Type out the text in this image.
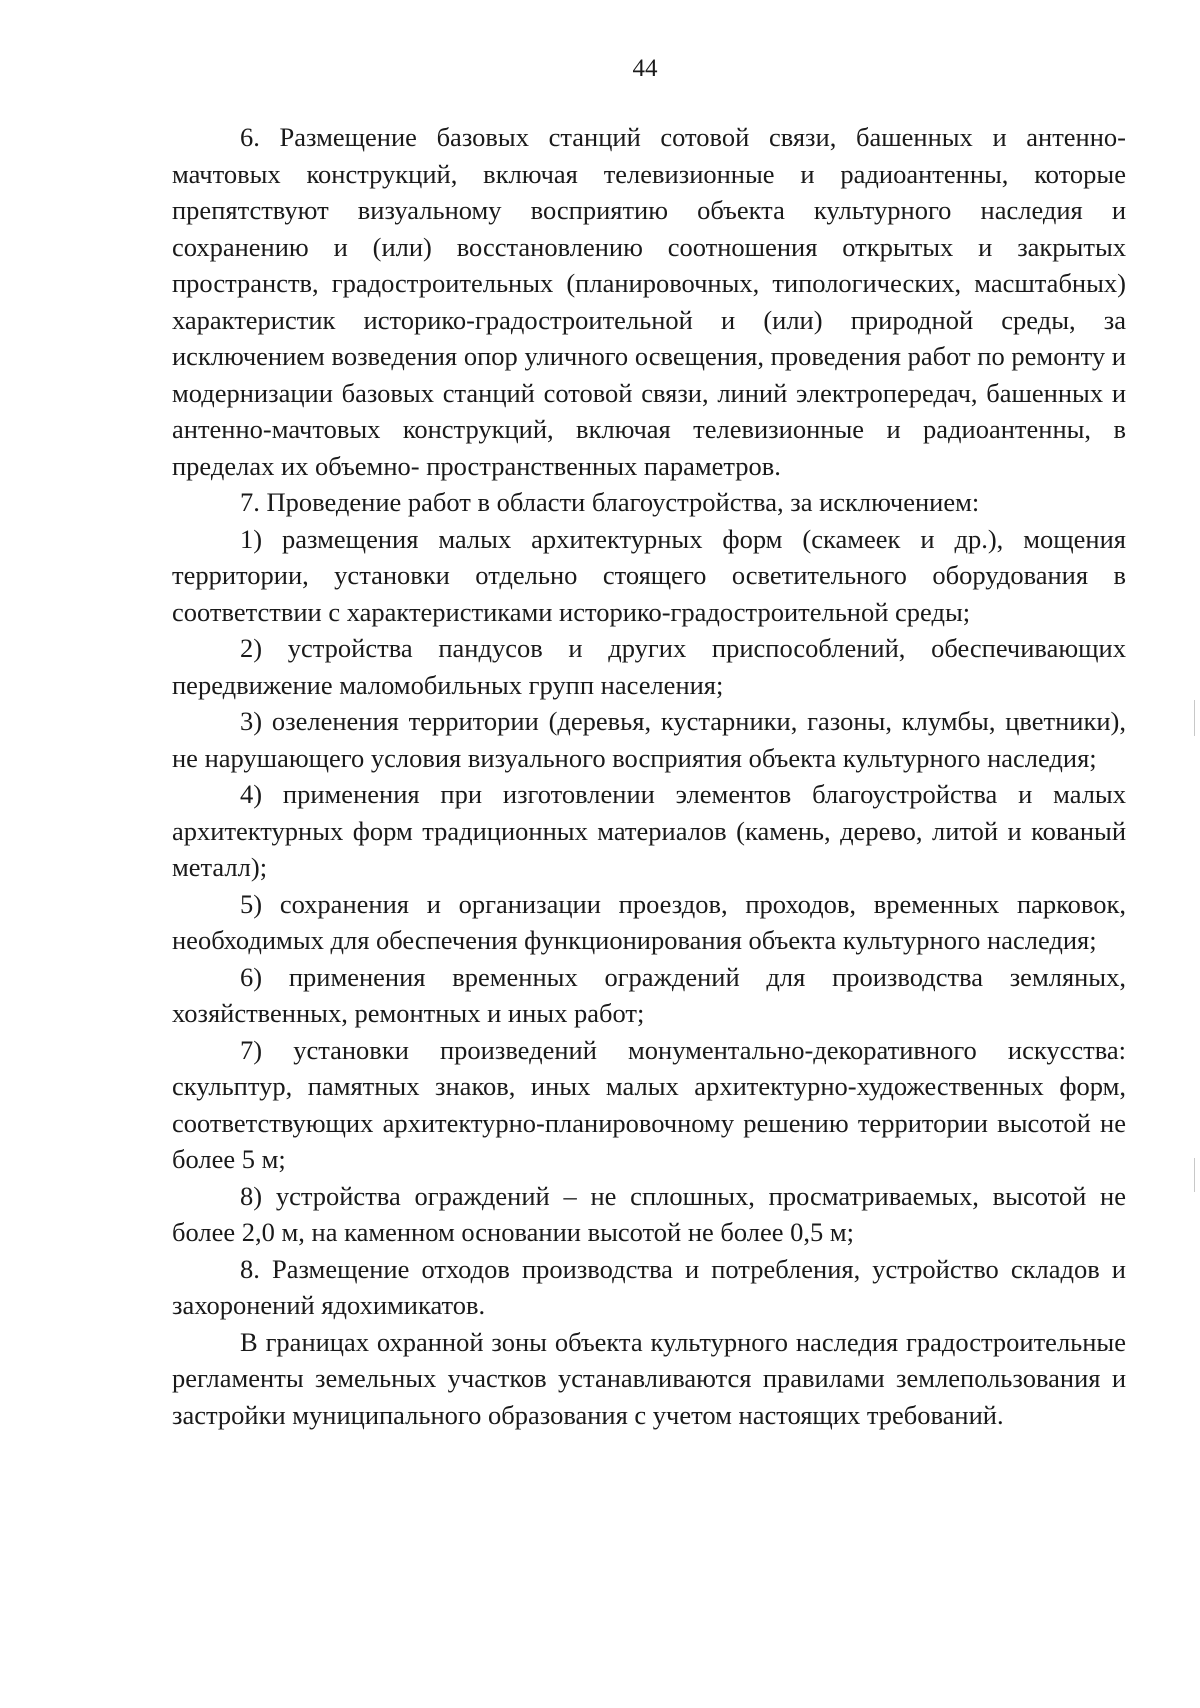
44

6. Размещение базовых станций сотовой связи, башенных и антенно-мачтовых конструкций, включая телевизионные и радиоантенны, которые препятствуют визуальному восприятию объекта культурного наследия и сохранению и (или) восстановлению соотношения открытых и закрытых пространств, градостроительных (планировочных, типологических, масштабных) характеристик историко-градостроительной и (или) природной среды, за исключением возведения опор уличного освещения, проведения работ по ремонту и модернизации базовых станций сотовой связи, линий электропередач, башенных и антенно-мачтовых конструкций, включая телевизионные и радиоантенны, в пределах их объемно- пространственных параметров.

7. Проведение работ в области благоустройства, за исключением:

1) размещения малых архитектурных форм (скамеек и др.), мощения территории, установки отдельно стоящего осветительного оборудования в соответствии с характеристиками историко-градостроительной среды;

2) устройства пандусов и других приспособлений, обеспечивающих передвижение маломобильных групп населения;

3) озеленения территории (деревья, кустарники, газоны, клумбы, цветники), не нарушающего условия визуального восприятия объекта культурного наследия;

4) применения при изготовлении элементов благоустройства и малых архитектурных форм традиционных материалов (камень, дерево, литой и кованый металл);

5) сохранения и организации проездов, проходов, временных парковок, необходимых для обеспечения функционирования объекта культурного наследия;

6) применения временных ограждений для производства земляных, хозяйственных, ремонтных и иных работ;

7) установки произведений монументально-декоративного искусства: скульптур, памятных знаков, иных малых архитектурно-художественных форм, соответствующих архитектурно-планировочному решению территории высотой не более 5 м;

8) устройства ограждений – не сплошных, просматриваемых, высотой не более 2,0 м, на каменном основании высотой не более 0,5 м;

8. Размещение отходов производства и потребления, устройство складов и захоронений ядохимикатов.

В границах охранной зоны объекта культурного наследия градостроительные регламенты земельных участков устанавливаются правилами землепользования и застройки муниципального образования с учетом настоящих требований.
